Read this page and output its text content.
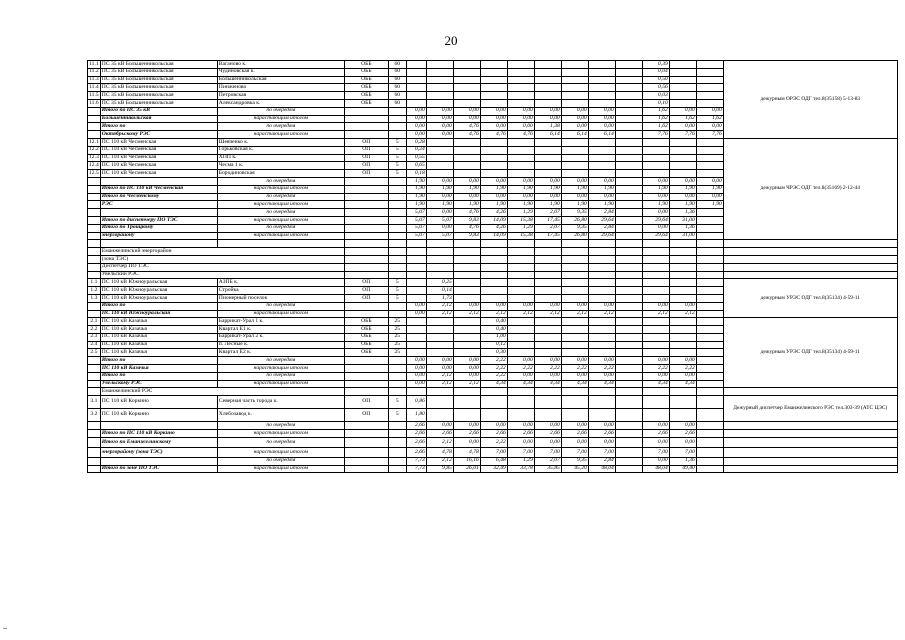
20
11.1	ПС 35 кВ Большенникольская	Ваганово к.	ОББ	60										0,39			дежурным ОРЭС ОДГ тел.8(35158) 5-13-83
11.2	ПС 35 кВ Большенникольская	Чудиновская к.	ОББ	60										0,04			
11.3	ПС 35 кВ Большенникольская	Большенникольская	ОББ	60										0,50			
11.4	ПС 35 кВ Большенникольская	Пинженово	ОББ	60										0,56			
11.5	ПС 35 кВ Большенникольская	Петровская	ОББ	60										0,03			
11.6	ПС 35 кВ Большенникольская	Александровка к.	ОББ	60										0,10			
	Итого по ПС 35 кВ	по очередям			0,00	0,00	0,00	0,00	0,00	0,00	0,00	0,00		1,62	0,00	0,00	
	Большенникольская	нарастающим итогом			0,00	0,00	0,00	0,00	0,00	0,00	0,00	0,00		1,62	1,62	1,62	
	Итого по	по очередям			0,00	0,00	4,76	0,00	0,00	1,38	0,00	0,00		1,62	0,00	0,00	
	Октябрьскому РЭС	нарастающим итогом			0,00	0,00	4,76	4,76	4,76	6,14	6,14	6,14		7,76	7,76	7,76	
12.1	ПС 110 кВ Чесменская	Шевченко к.	ОП	5	0,28												дежурным ЧРЭС ОДГ тел.8(35169) 2-12-44
12.2	ПС 110 кВ Чесменская	Горьковская к.	ОП	5	0,24												
12.3	ПС 110 кВ Чесменская	ХПП к.	ОП	5	0,55												
12.4	ПС 110 кВ Чесменская	Чесма 1 к.	ОП	5	0,65												
12.5	ПС 110 кВ Чесменская	Бородиновская	ОП	5	0,18												
		по очередям			1,90	0,00	0,00	0,00	0,00	0,00	0,00	0,00		0,00	0,00	0,00	
	Итого по ПС 110 кВ Чесменская	нарастающим итогом			1,90	1,90	1,90	1,90	1,90	1,90	1,90	1,90		1,90	1,90	1,90	
	Итого по Чесменскому	по очередям			1,90	0,00	0,00	0,00	0,00	0,00	0,00	0,00		0,00	0,00	0,00	
	РЭС	нарастающим итогом			1,90	1,90	1,90	1,90	1,90	1,90	1,90	1,90		1,90	1,90	1,90	
		по очередям			5,07	0,00	4,76	4,26	1,29	2,07	9,35	2,84		0,00	1,36		
	Итого по диспетчеру ПО ТЭС	нарастающим итогом			5,07	5,07	9,83	14,09	15,38	17,45	26,80	29,64		29,64	31,00		
	Итого по Троицкому	по очередям			5,07	0,00	4,76	4,26	1,29	2,07	9,35	2,84		0,00	1,36		
	энергорайону	нарастающим итогом			5,07	5,07	9,83	14,09	15,38	17,45	26,80	29,64		29,64	31,00		

	Еманжелинский энергорайон																
	(зона ТЭС)																
	Диспетчер ПО ТЭС																
	Увельский РЭС																
1.1	ПС 110 кВ Южноуральская	АЗПБ к.	ОП	5		0,25											дежурным УРЭС ОДГ тел.8(35134) 4-59-11
1.2	ПС 110 кВ Южноуральская	Стройка	ОП	5		0,14											
1.3	ПС 110 кВ Южноуральская	Пионерный поселок	ОП	5		1,73											
	Итого по	по очередям			0,00	2,12	0,00	0,00	0,00	0,00	0,00	0,00		0,00	0,00		
	ПС 110 кВ Южноуральская	нарастающим итогом			0,00	2,12	2,12	2,12	2,12	2,12	2,12	2,12		2,12	2,12		
2.1	ПС 110 кВ Казачья	Баррикат-Урал 1 к.	ОББ	25				0,40									дежурным УРЭС ОДГ тел.8(35134) 4-59-11
2.2	ПС 110 кВ Казачья	Квартал Е1 к.	ОББ	25				0,40									
2.3	ПС 110 кВ Казачья	Баррикат-Урал 2 к.	ОББ	25				1,00									
2.4	ПС 110 кВ Казачья	п. Лесные к.	ОББ	25				0,12									
2.5	ПС 110 кВ Казачья	Квартал Е2 к.	ОББ	25				0,30									
	Итого по	по очередям			0,00	0,00	0,00	2,22	0,00	0,00	0,00	0,00		0,00	0,00		
	ПС 110 кВ Казачья	нарастающим итогом			0,00	0,00	0,00	2,22	2,22	2,22	2,22	2,22		2,22	2,22		
	Итого по	по очередям			0,00	2,12	0,00	2,22	0,00	0,00	0,00	0,00		0,00	0,00		
	Увельскому РЭС	нарастающим итогом			0,00	2,12	2,12	4,34	4,34	4,34	4,34	4,34		4,34	4,34		
	Еманжелинский РЭС																
3.1	ПС 110 кВ Коркино	Северная часть города к.	ОП	5	0,86												Дежурный диспетчер Еманжелинского РЭС тел.303-39 (АТС ЦЭС)
3.2	ПС 110 кВ Коркино	Хлебозавод к.	ОП	5	1,80												
		по очередям			2,66	0,00	0,00	0,00	0,00	0,00	0,00	0,00		0,00	0,00		
	Итого по ПС 110 кВ Коркино	нарастающим итогом			2,66	2,66	2,66	2,66	2,66	2,66	2,66	2,66		2,66	2,66		
	Итого по Еманжелинскому	по очередям			2,66	2,12	0,00	2,22	0,00	0,00	0,00	0,00		0,00	0,00		
	энергорайону (зона ТЭС)	нарастающим итогом			2,66	4,78	4,78	7,00	7,00	7,00	7,00	7,00		7,00	7,00		
		по очередям			7,73	2,12	16,16	6,48	1,29	2,07	9,35	2,84		0,00	1,36		
	Итого по зоне ПО ТЭС	нарастающим итогом			7,73	9,85	26,01	32,49	33,78	35,85	45,20	48,04		48,04	49,40		
